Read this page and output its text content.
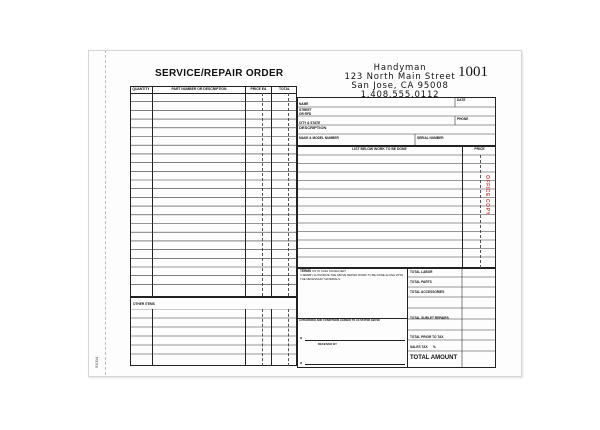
SERVICE/REPAIR ORDER	Handyman
123 North Main Street
San Jose, CA 95008
1.408.555.0112
1001
QUANTITY	PART NUMBER OR DESCRIPTION	PRICE EA	TOTAL
OTHER ITEMS
NAME
DATE
STREET
OR RFD
PHONE
CITY & STATE
DESCRIPTION
MAKE & MODEL NUMBER	SERIAL NUMBER
LIST BELOW WORK TO BE DONE	PRICE
TERMS ON TO CASH ON DELIVERY
I HEREBY AUTHORIZE THE ABOVE REPAIR WORK TO BE DONE ALONG WITH THE NECESSARY MATERIALS.
AUTHORIZED AND CONDITIONS AGREED TO AS STATED ABOVE
x
RECEIVED BY
x
TOTAL LABOR
TOTAL PARTS
TOTAL ACCESSORIES
TOTAL SUBLET REPAIRS
TOTAL PRIOR TO TAX
SALES TAX %
TOTAL AMOUNT
OFFICE COPY
91004
